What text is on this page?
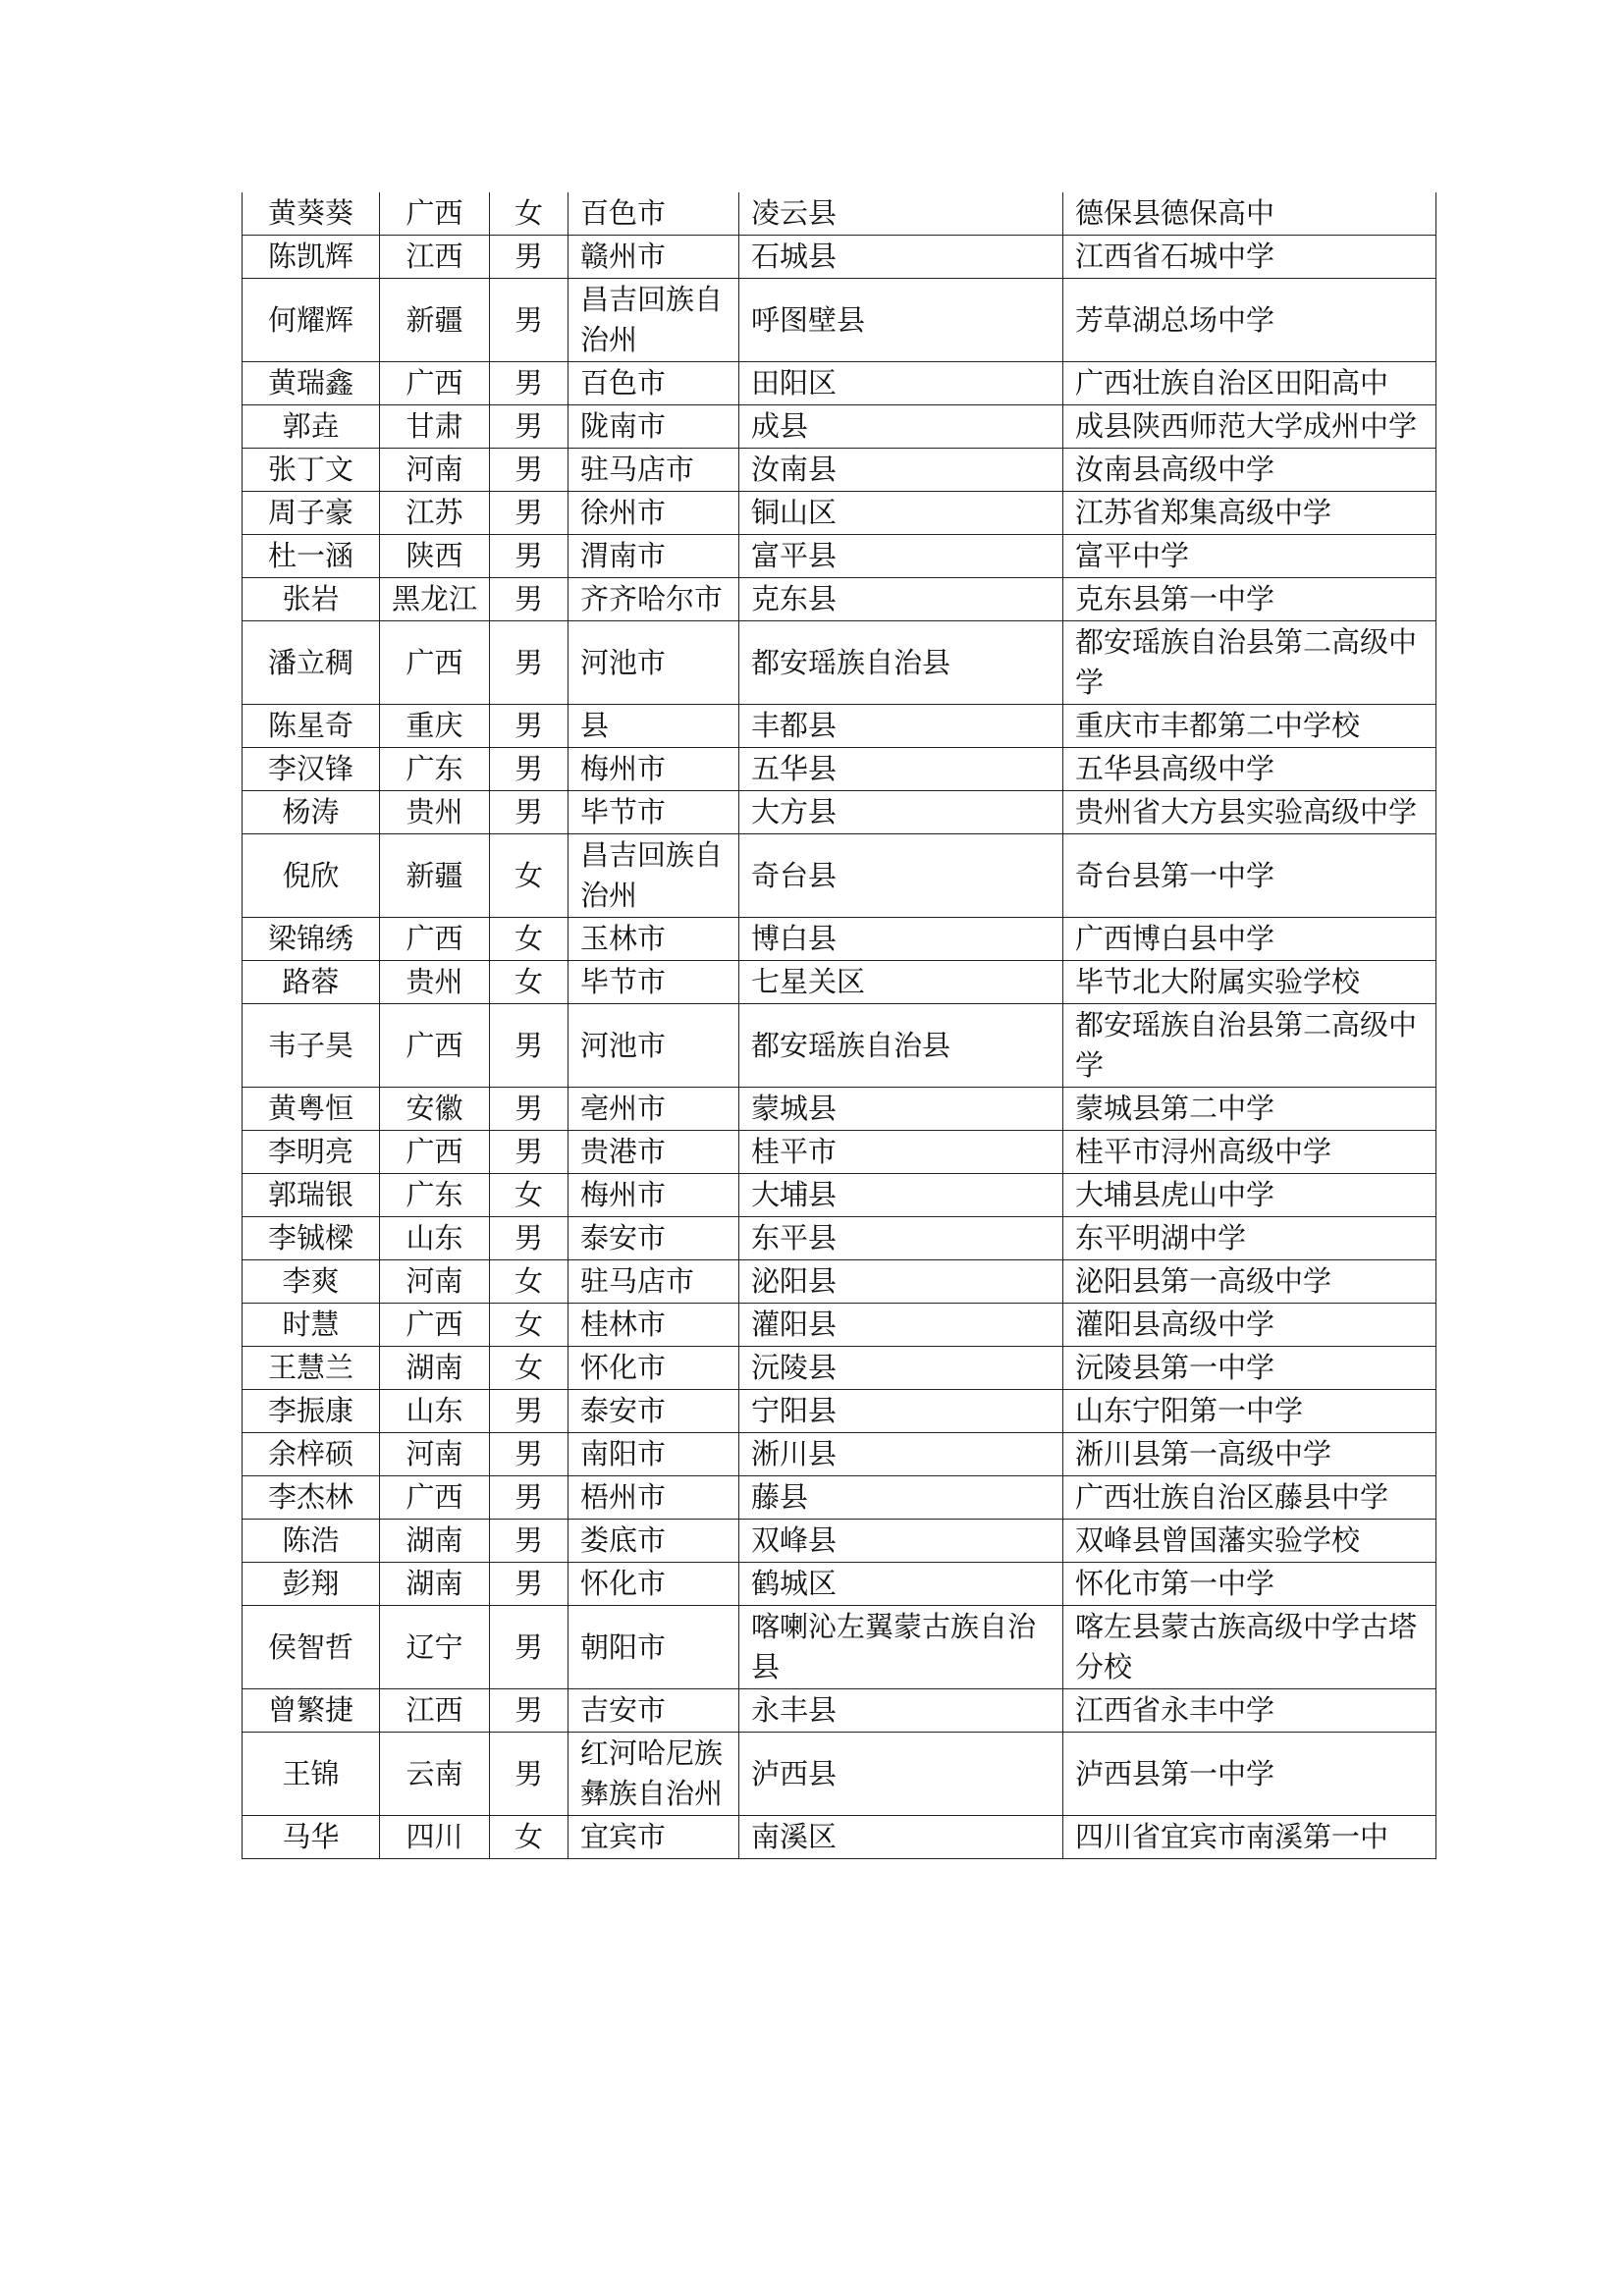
黄葵葵	广西	女	百色市	凌云县	德保县德保高中
陈凯辉	江西	男	赣州市	石城县	江西省石城中学
何耀辉	新疆	男	昌吉回族自治州	呼图壁县	芳草湖总场中学
黄瑞鑫	广西	男	百色市	田阳区	广西壮族自治区田阳高中
郭垚	甘肃	男	陇南市	成县	成县陕西师范大学成州中学
张丁文	河南	男	驻马店市	汝南县	汝南县高级中学
周子豪	江苏	男	徐州市	铜山区	江苏省郑集高级中学
杜一涵	陕西	男	渭南市	富平县	富平中学
张岩	黑龙江	男	齐齐哈尔市	克东县	克东县第一中学
潘立稠	广西	男	河池市	都安瑶族自治县	都安瑶族自治县第二高级中学
陈星奇	重庆	男	县	丰都县	重庆市丰都第二中学校
李汉锋	广东	男	梅州市	五华县	五华县高级中学
杨涛	贵州	男	毕节市	大方县	贵州省大方县实验高级中学
倪欣	新疆	女	昌吉回族自治州	奇台县	奇台县第一中学
梁锦绣	广西	女	玉林市	博白县	广西博白县中学
路蓉	贵州	女	毕节市	七星关区	毕节北大附属实验学校
韦子昊	广西	男	河池市	都安瑶族自治县	都安瑶族自治县第二高级中学
黄粤恒	安徽	男	亳州市	蒙城县	蒙城县第二中学
李明亮	广西	男	贵港市	桂平市	桂平市浔州高级中学
郭瑞银	广东	女	梅州市	大埔县	大埔县虎山中学
李铖樑	山东	男	泰安市	东平县	东平明湖中学
李爽	河南	女	驻马店市	泌阳县	泌阳县第一高级中学
时慧	广西	女	桂林市	灌阳县	灌阳县高级中学
王慧兰	湖南	女	怀化市	沅陵县	沅陵县第一中学
李振康	山东	男	泰安市	宁阳县	山东宁阳第一中学
余梓硕	河南	男	南阳市	淅川县	淅川县第一高级中学
李杰林	广西	男	梧州市	藤县	广西壮族自治区藤县中学
陈浩	湖南	男	娄底市	双峰县	双峰县曾国藩实验学校
彭翔	湖南	男	怀化市	鹤城区	怀化市第一中学
侯智哲	辽宁	男	朝阳市	喀喇沁左翼蒙古族自治县	喀左县蒙古族高级中学古塔分校
曾繁捷	江西	男	吉安市	永丰县	江西省永丰中学
王锦	云南	男	红河哈尼族彝族自治州	泸西县	泸西县第一中学
马华	四川	女	宜宾市	南溪区	四川省宜宾市南溪第一中
